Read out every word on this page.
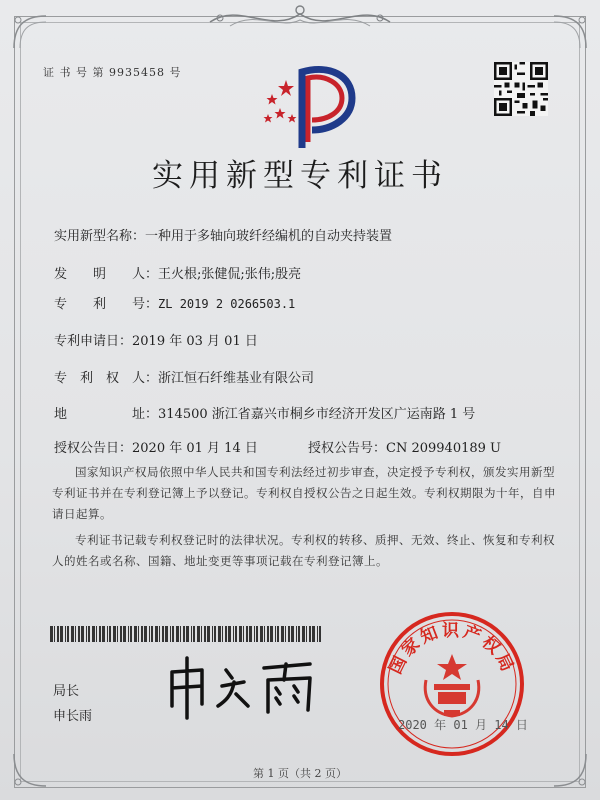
证 书 号 第 9935458 号
实用新型专利证书
实用新型名称：一种用于多轴向玻纤经编机的自动夹持装置
发　　明　　人：王火根;张健侃;张伟;殷亮
专　　利　　号：ZL 2019 2 0266503.1
专利申请日：2019 年 03 月 01 日
专　利　权　人：浙江恒石纤维基业有限公司
地　　　　　址：314500 浙江省嘉兴市桐乡市经济开发区广运南路 1 号
授权公告日：2020 年 01 月 14 日	授权公告号：CN 209940189 U
国家知识产权局依照中华人民共和国专利法经过初步审查，决定授予专利权，颁发实用新型专利证书并在专利登记簿上予以登记。专利权自授权公告之日起生效。专利权期限为十年，自申请日起算。
专利证书记载专利权登记时的法律状况。专利权的转移、质押、无效、终止、恢复和专利权人的姓名或名称、国籍、地址变更等事项记载在专利登记簿上。
局长
申长雨
国家知识产权局
2020 年 01 月 14 日
第 1 页（共 2 页）
